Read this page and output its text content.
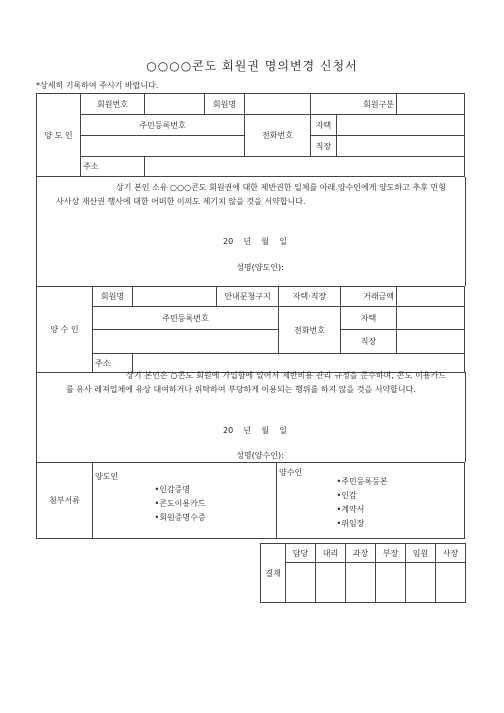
○○○○콘도 회원권 명의변경 신청서
*상세히 기록하여 주시기 바랍니다.
양 도 인	회원번호		회원명		회원구분		
	주민등록번호			전화번호	자택		
					직장		
	주소						
상기 본인 소유 ○○○콘도 회원권에 대한 제반권한 일체를 아래 양수인에게 양도하고 추후 민형사사상 재산권 행사에 대한 어떠한 이의도 제기치 않을 것을 서약합니다.
20    년    월    일
성명(양도인):
양 수 인	회원명		안내문청구지	자택·직장	거래금액	
	주민등록번호			전화번호	자택	
					직장	
	주소					
상기 본인은 ○콘도 회원에 가입함에 있어서 제반비용 관리 규정을 준수하며, 콘도 이용카드를 유사 레져업체에 유상 대여하거나 위탁하여 부당하게 이용되는 행위를 하지 않을 것을 서약합니다.
20    년    월    일
성명(양수인):
첨부서류	양도인	
•인감증명
•콘도이용카드
•회원증명수증
	양수인	
•주민등록등본
•인감
•계약서
•위임장
결재	담당	대리	과장	부장	임원	사장
